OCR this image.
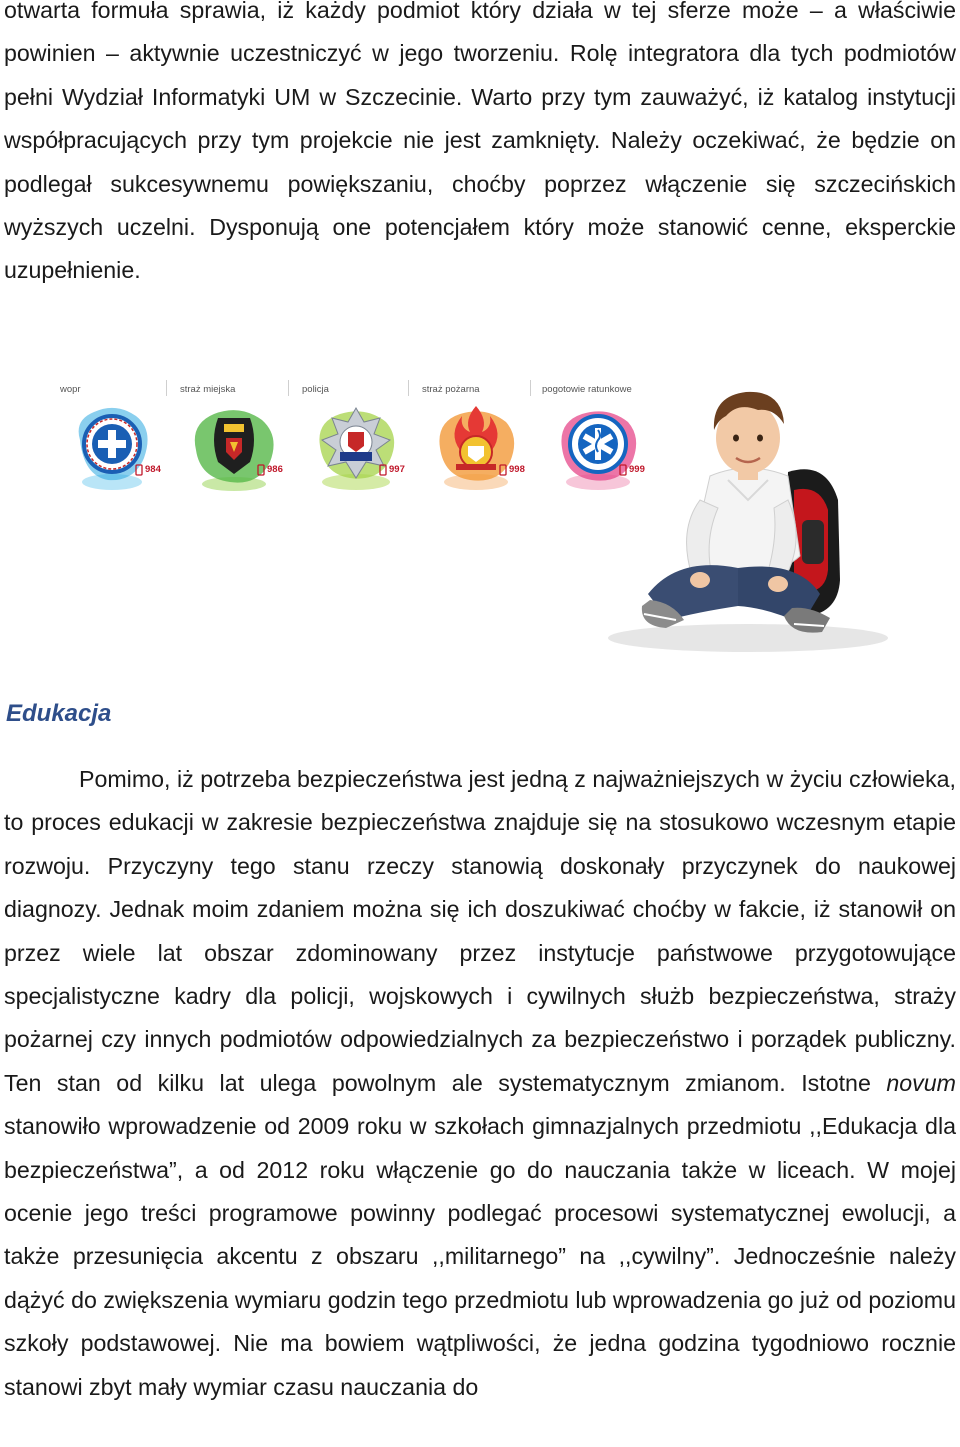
otwarta formuła sprawia, iż każdy podmiot który działa w tej sferze może – a właściwie powinien – aktywnie uczestniczyć w jego tworzeniu. Rolę integratora dla tych podmiotów pełni Wydział Informatyki UM w Szczecinie. Warto przy tym zauważyć, iż katalog instytucji współpracujących przy tym projekcie nie jest zamknięty. Należy oczekiwać, że będzie on podlegał sukcesywnemu powiększaniu, choćby poprzez włączenie się szczecińskich wyższych uczelni. Dysponują one potencjałem który może stanowić cenne, eksperckie uzupełnienie.

wopr	straż miejska	policja	straż pożarna	pogotowie ratunkowe
984	986	997	998	999
Edukacja

Pomimo, iż potrzeba bezpieczeństwa jest jedną z najważniejszych w życiu człowieka, to proces edukacji w zakresie bezpieczeństwa znajduje się na stosukowo wczesnym etapie rozwoju. Przyczyny tego stanu rzeczy stanowią doskonały przyczynek do naukowej diagnozy. Jednak moim zdaniem można się ich doszukiwać choćby w fakcie, iż stanowił on przez wiele lat obszar zdominowany przez instytucje państwowe przygotowujące specjalistyczne kadry dla policji, wojskowych i cywilnych służb bezpieczeństwa, straży pożarnej czy innych podmiotów odpowiedzialnych za bezpieczeństwo i porządek publiczny. Ten stan od kilku lat ulega powolnym ale systematycznym zmianom. Istotne novum stanowiło wprowadzenie od 2009 roku w szkołach gimnazjalnych przedmiotu ,,Edukacja dla bezpieczeństwa”, a od 2012 roku włączenie go do nauczania także w liceach. W mojej ocenie jego treści programowe powinny podlegać procesowi systematycznej ewolucji, a także przesunięcia akcentu z obszaru ,,militarnego” na ,,cywilny”. Jednocześnie należy dążyć do zwiększenia wymiaru godzin tego przedmiotu lub wprowadzenia go już od poziomu szkoły podstawowej. Nie ma bowiem wątpliwości, że jedna godzina tygodniowo rocznie stanowi zbyt mały wymiar czasu nauczania do
